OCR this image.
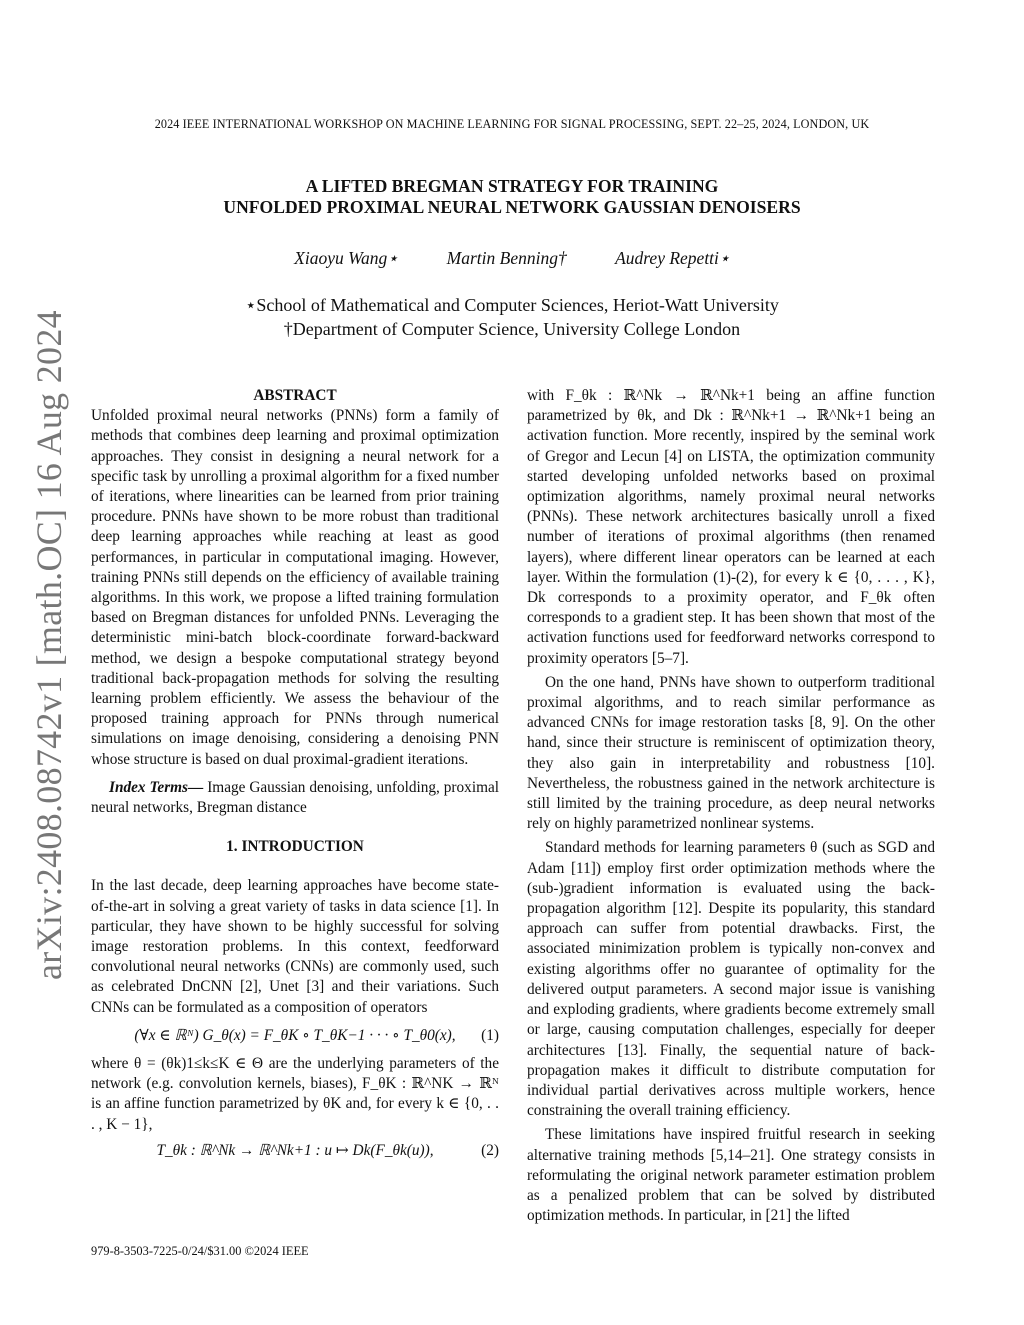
2024 IEEE INTERNATIONAL WORKSHOP ON MACHINE LEARNING FOR SIGNAL PROCESSING, SEPT. 22–25, 2024, LONDON, UK
A LIFTED BREGMAN STRATEGY FOR TRAINING
UNFOLDED PROXIMAL NEURAL NETWORK GAUSSIAN DENOISERS
Xiaoyu Wang⋆	Martin Benning†	Audrey Repetti⋆
⋆School of Mathematical and Computer Sciences, Heriot-Watt University
†Department of Computer Science, University College London
arXiv:2408.08742v1 [math.OC] 16 Aug 2024	ABSTRACT

Unfolded proximal neural networks (PNNs) form a family of methods that combines deep learning and proximal optimization approaches. They consist in designing a neural network for a specific task by unrolling a proximal algorithm for a fixed number of iterations, where linearities can be learned from prior training procedure. PNNs have shown to be more robust than traditional deep learning approaches while reaching at least as good performances, in particular in computational imaging. However, training PNNs still depends on the efficiency of available training algorithms. In this work, we propose a lifted training formulation based on Bregman distances for unfolded PNNs. Leveraging the deterministic mini-batch block-coordinate forward-backward method, we design a bespoke computational strategy beyond traditional back-propagation methods for solving the resulting learning problem efficiently. We assess the behaviour of the proposed training approach for PNNs through numerical simulations on image denoising, considering a denoising PNN whose structure is based on dual proximal-gradient iterations.

Index Terms— Image Gaussian denoising, unfolding, proximal neural networks, Bregman distance

1. INTRODUCTION

In the last decade, deep learning approaches have become state-of-the-art in solving a great variety of tasks in data science [1]. In particular, they have shown to be highly successful for solving image restoration problems. In this context, feedforward convolutional neural networks (CNNs) are commonly used, such as celebrated DnCNN [2], Unet [3] and their variations. Such CNNs can be formulated as a composition of operators

(∀x ∈ ℝᴺ) G_θ(x) = F_θK ∘ T_θK−1 · · · ∘ T_θ0(x),	(1)

where θ = (θk)1≤k≤K ∈ Θ are the underlying parameters of the network (e.g. convolution kernels, biases), F_θK : ℝ^NK → ℝᴺ is an affine function parametrized by θK and, for every k ∈ {0, . . . , K − 1},

T_θk : ℝ^Nk → ℝ^Nk+1 : u ↦ Dk(F_θk(u)),	(2)

with F_θk : ℝ^Nk → ℝ^Nk+1 being an affine function parametrized by θk, and Dk : ℝ^Nk+1 → ℝ^Nk+1 being an activation function. More recently, inspired by the seminal work of Gregor and Lecun [4] on LISTA, the optimization community started developing unfolded networks based on proximal optimization algorithms, namely proximal neural networks (PNNs). These network architectures basically unroll a fixed number of iterations of proximal algorithms (then renamed layers), where different linear operators can be learned at each layer. Within the formulation (1)-(2), for every k ∈ {0, . . . , K}, Dk corresponds to a proximity operator, and F_θk often corresponds to a gradient step. It has been shown that most of the activation functions used for feedforward networks correspond to proximity operators [5–7].

On the one hand, PNNs have shown to outperform traditional proximal algorithms, and to reach similar performance as advanced CNNs for image restoration tasks [8, 9]. On the other hand, since their structure is reminiscent of optimization theory, they also gain in interpretability and robustness [10]. Nevertheless, the robustness gained in the network architecture is still limited by the training procedure, as deep neural networks rely on highly parametrized nonlinear systems.

Standard methods for learning parameters θ (such as SGD and Adam [11]) employ first order optimization methods where the (sub-)gradient information is evaluated using the back-propagation algorithm [12]. Despite its popularity, this standard approach can suffer from potential drawbacks. First, the associated minimization problem is typically non-convex and existing algorithms offer no guarantee of optimality for the delivered output parameters. A second major issue is vanishing and exploding gradients, where gradients become extremely small or large, causing computation challenges, especially for deeper architectures [13]. Finally, the sequential nature of back-propagation makes it difficult to distribute computation for individual partial derivatives across multiple workers, hence constraining the overall training efficiency.

These limitations have inspired fruitful research in seeking alternative training methods [5,14–21]. One strategy consists in reformulating the original network parameter estimation problem as a penalized problem that can be solved by distributed optimization methods. In particular, in [21] the lifted

979-8-3503-7225-0/24/$31.00 ©2024 IEEE
